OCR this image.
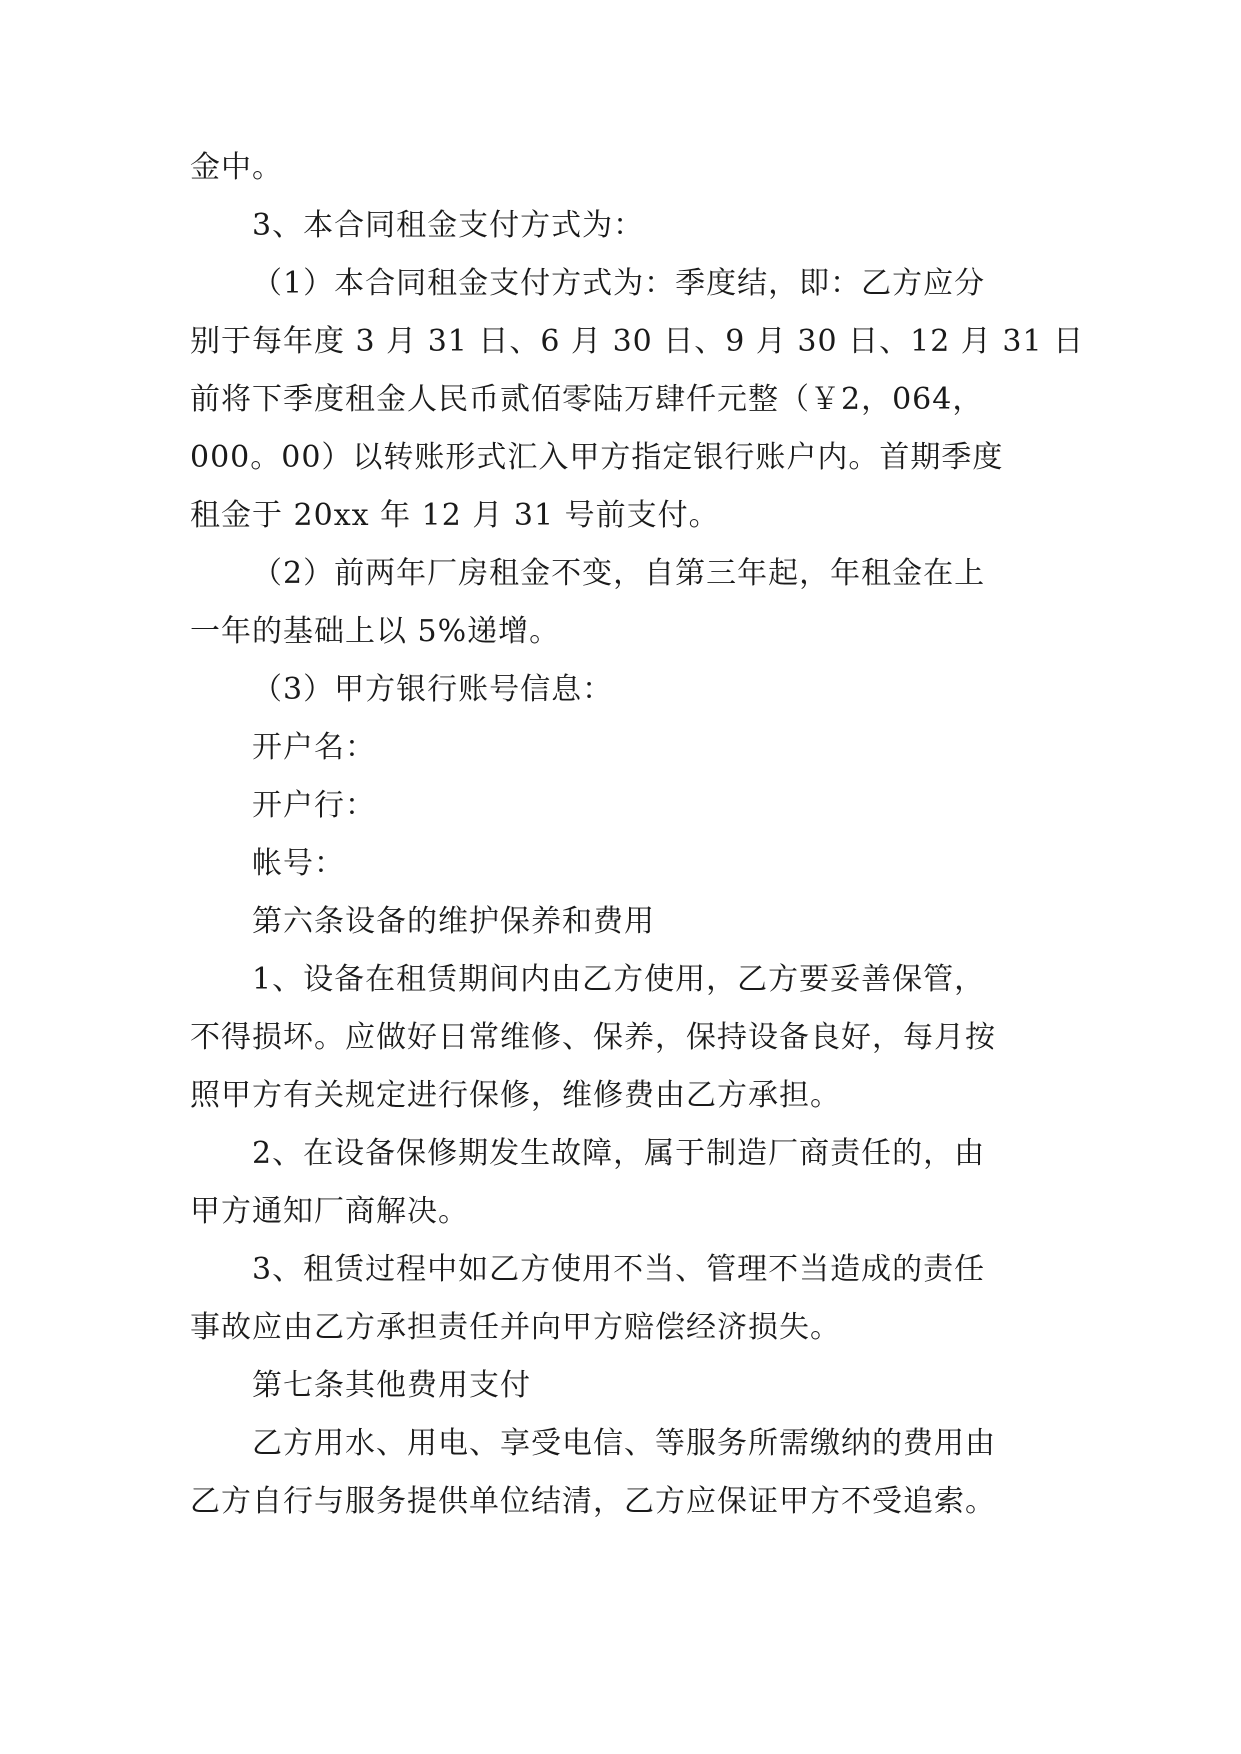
金中。
3、本合同租金支付方式为：
（1）本合同租金支付方式为：季度结，即：乙方应分
别于每年度 3 月 31 日、6 月 30 日、9 月 30 日、12 月 31 日
前将下季度租金人民币贰佰零陆万肆仟元整（￥2，064，
000。00）以转账形式汇入甲方指定银行账户内。首期季度
租金于 20xx 年 12 月 31 号前支付。
（2）前两年厂房租金不变，自第三年起，年租金在上
一年的基础上以 5%递增。
（3）甲方银行账号信息：
开户名：
开户行：
帐号：
第六条设备的维护保养和费用
1、设备在租赁期间内由乙方使用，乙方要妥善保管，
不得损坏。应做好日常维修、保养，保持设备良好，每月按
照甲方有关规定进行保修，维修费由乙方承担。
2、在设备保修期发生故障，属于制造厂商责任的，由
甲方通知厂商解决。
3、租赁过程中如乙方使用不当、管理不当造成的责任
事故应由乙方承担责任并向甲方赔偿经济损失。
第七条其他费用支付
乙方用水、用电、享受电信、等服务所需缴纳的费用由
乙方自行与服务提供单位结清，乙方应保证甲方不受追索。
